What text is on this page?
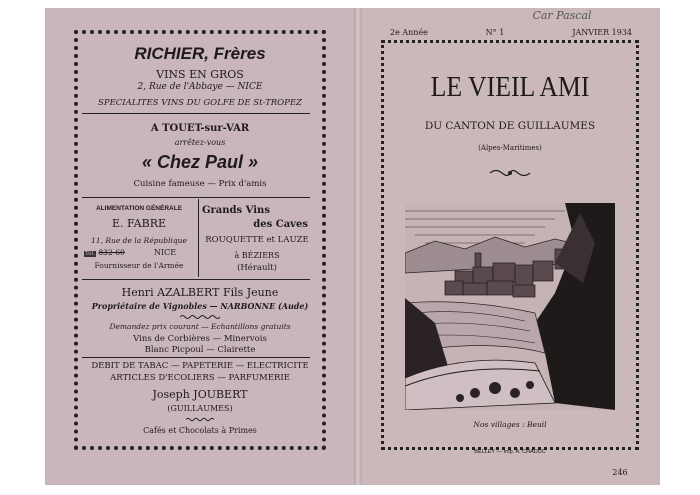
RICHIER, Frères
VINS EN GROS
2, Rue de l'Abbaye — NICE
SPECIALITES VINS DU GOLFE DE St-TROPEZ
A TOUET-sur-VAR
arrêtez-vous
« Chez Paul »
Cuisine fameuse — Prix d'amis
ALIMENTATION GÉNÉRALE
E. FABRE
11, Rue de la République
Tél. 832-60	NICE
Fournisseur de l'Armée
Grands Vins
des Caves
ROUQUETTE et LAUZE
à BÉZIERS
(Hérault)
Henri AZALBERT Fils Jeune
Propriétaire de Vignobles — NARBONNE (Aude)
Demandez prix courant — Echantillons gratuits
Vins de Corbières — Minervois
Blanc Picpoul — Clairette
DEBIT DE TABAC — PAPETERIE — ELECTRICITE
ARTICLES D'ECOLIERS — PARFUMERIE
Joseph JOUBERT
(GUILLAUMES)
Cafés et Chocolats à Primes
Car Pascal
2e Année	N° 1	JANVIER 1934
LE VIEIL AMI
DU CANTON DE GUILLAUMES
(Alpes-Maritimes)
Nos villages : Beuil
BELLEY — Imp. A. CHADUC
246
